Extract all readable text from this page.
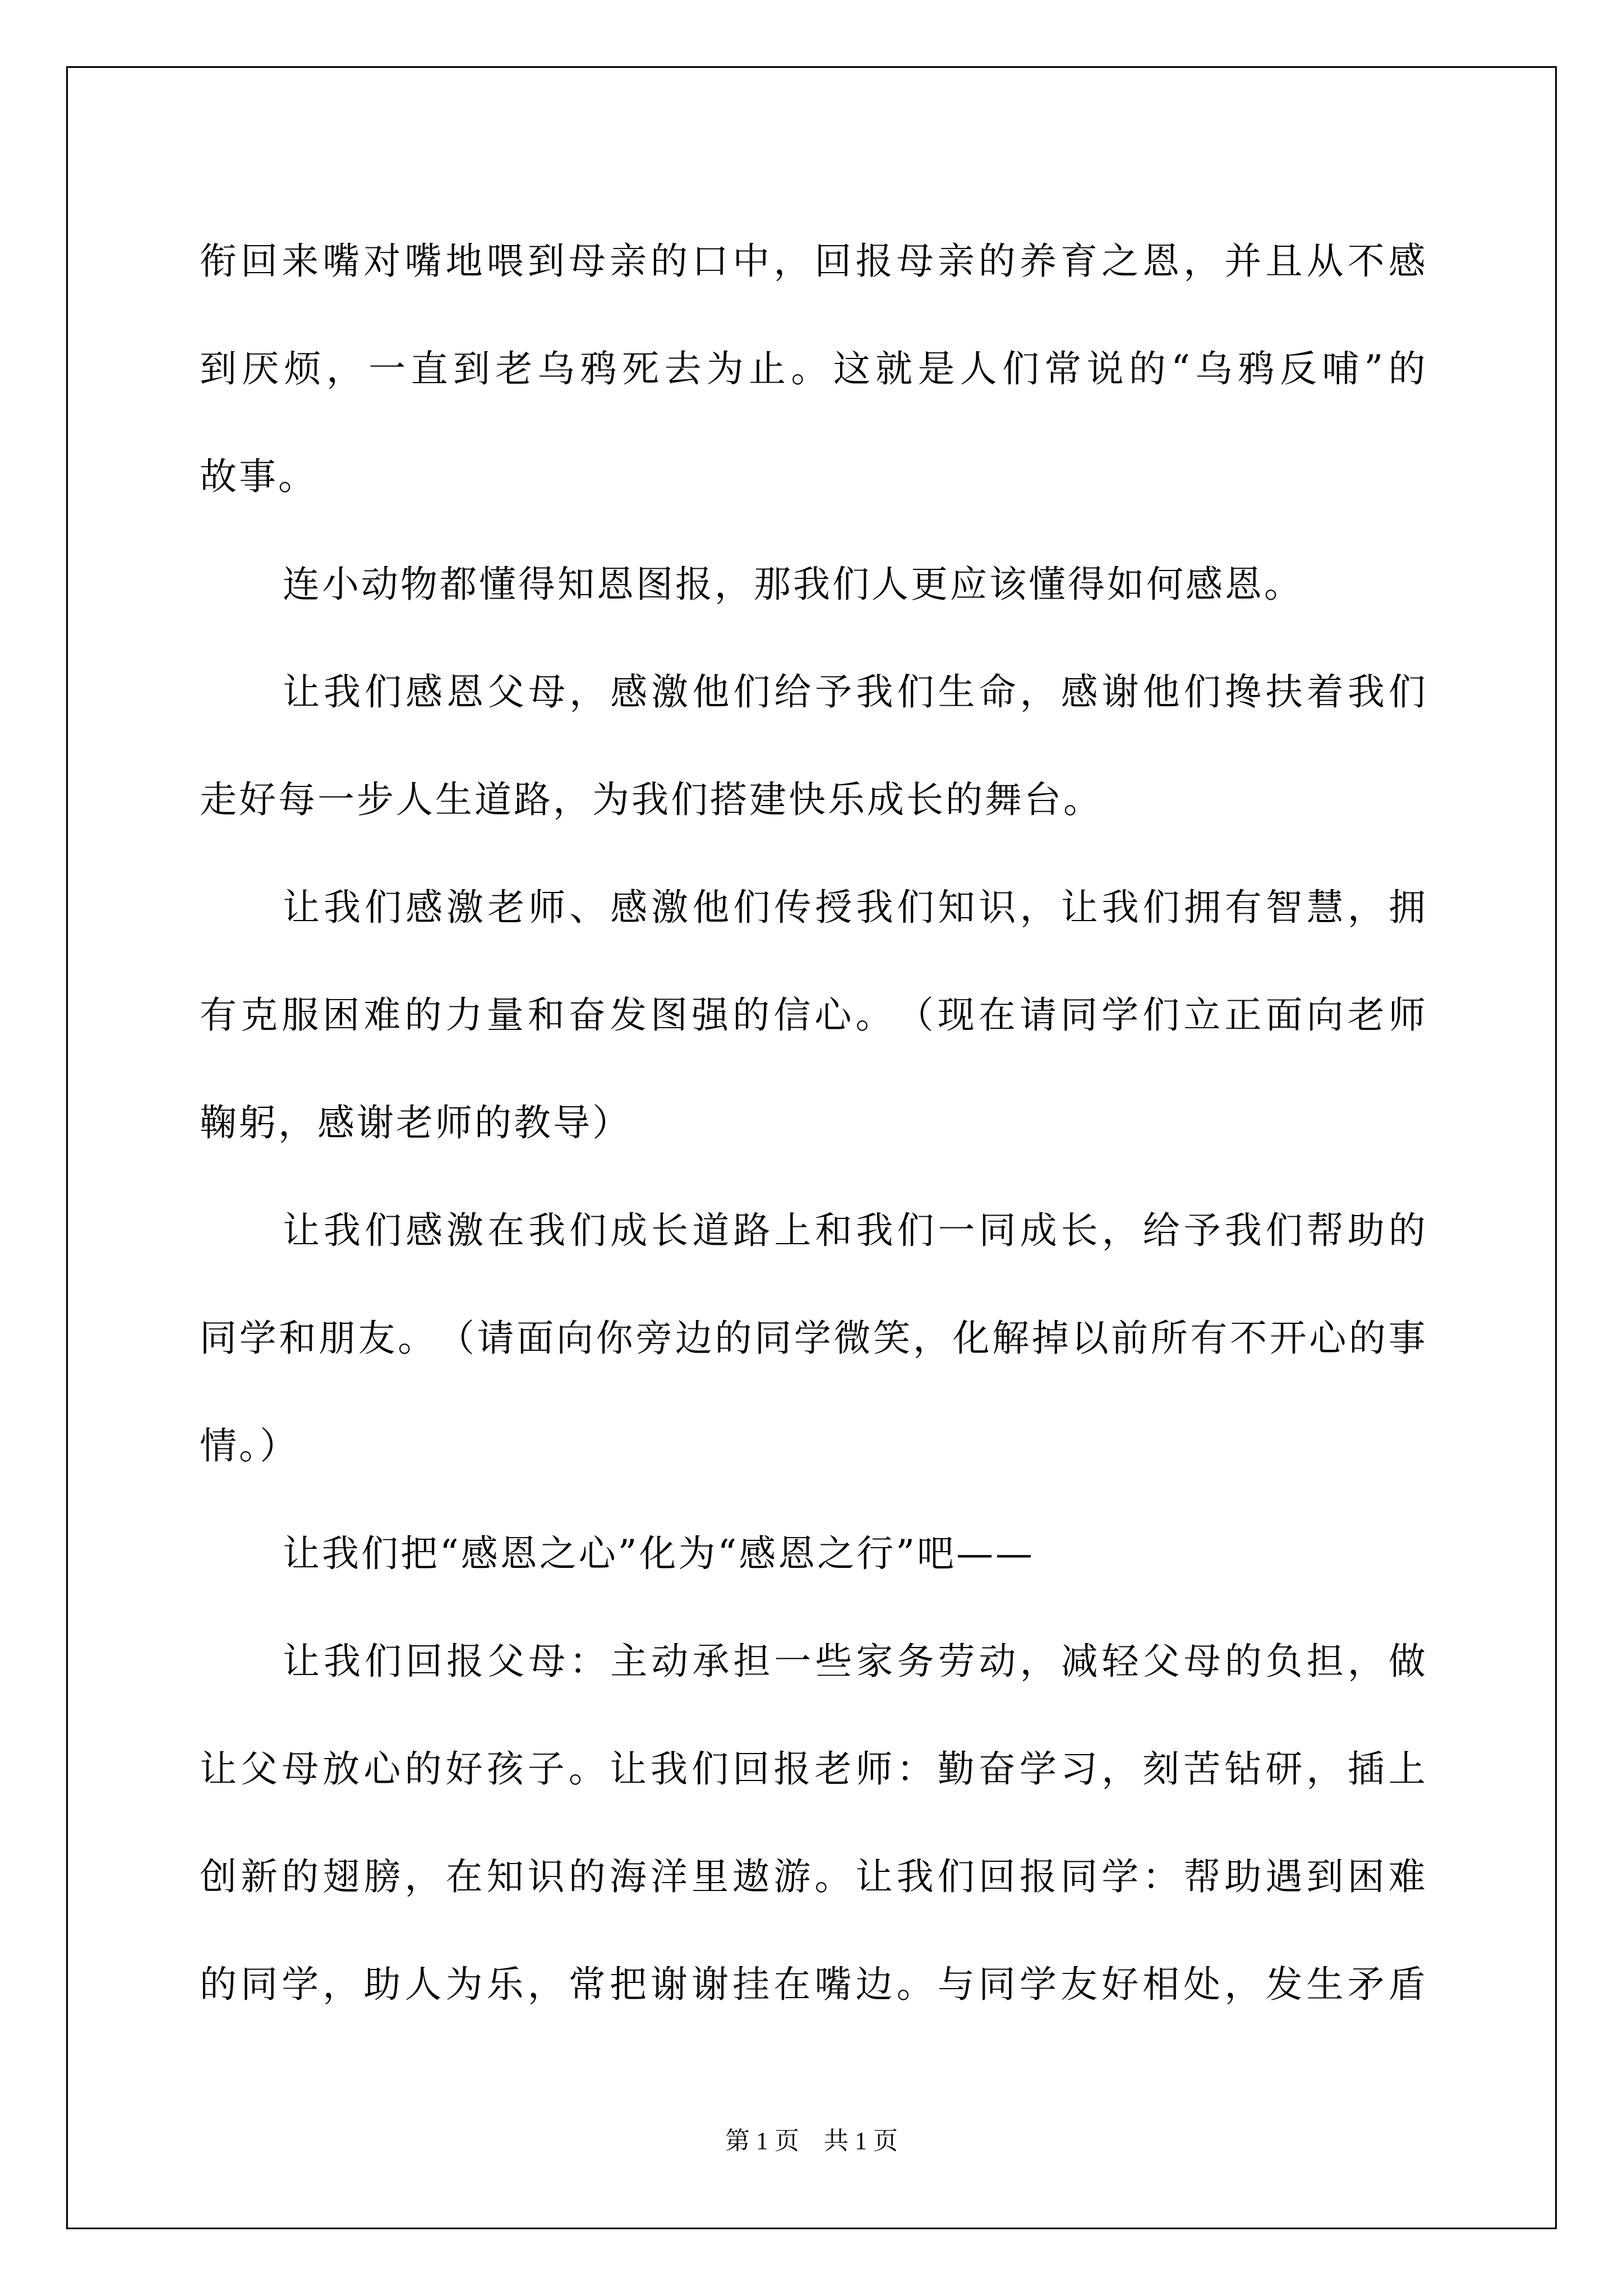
衔 回 来 嘴 对 嘴 地 喂 到 母 亲 的 口 中 ， 回 报 母 亲 的 养 育 之 恩 ， 并 且 从 不 感
到 厌 烦 ， 一 直 到 老 乌 鸦 死 去 为 止 。 这 就 是 人 们 常 说 的 “ 乌 鸦 反 哺 ” 的
故事。
连小动物都懂得知恩图报，那我们人更应该懂得如何感恩。
让 我 们 感 恩 父 母 ， 感 激 他 们 给 予 我 们 生 命 ， 感 谢 他 们 搀 扶 着 我 们
走好每一步人生道路，为我们搭建快乐成长的舞台。
让 我 们 感 激 老 师 、 感 激 他 们 传 授 我 们 知 识 ， 让 我 们 拥 有 智 慧 ， 拥
有 克 服 困 难 的 力 量 和 奋 发 图 强 的 信 心 。 （ 现 在 请 同 学 们 立 正 面 向 老 师
鞠躬，感谢老师的教导）
让 我 们 感 激 在 我 们 成 长 道 路 上 和 我 们 一 同 成 长 ， 给 予 我 们 帮 助 的
同 学 和 朋 友 。 （ 请 面 向 你 旁 边 的 同 学 微 笑 ， 化 解 掉 以 前 所 有 不 开 心 的 事
情。）
让我们把“感恩之心”化为“感恩之行”吧——
让 我 们 回 报 父 母 ： 主 动 承 担 一 些 家 务 劳 动 ， 减 轻 父 母 的 负 担 ， 做
让 父 母 放 心 的 好 孩 子 。 让 我 们 回 报 老 师 ： 勤 奋 学 习 ， 刻 苦 钻 研 ， 插 上
创 新 的 翅 膀 ， 在 知 识 的 海 洋 里 遨 游 。 让 我 们 回 报 同 学 ： 帮 助 遇 到 困 难
的 同 学 ， 助 人 为 乐 ， 常 把 谢 谢 挂 在 嘴 边 。 与 同 学 友 好 相 处 ， 发 生 矛 盾
第 1 页　共 1 页
